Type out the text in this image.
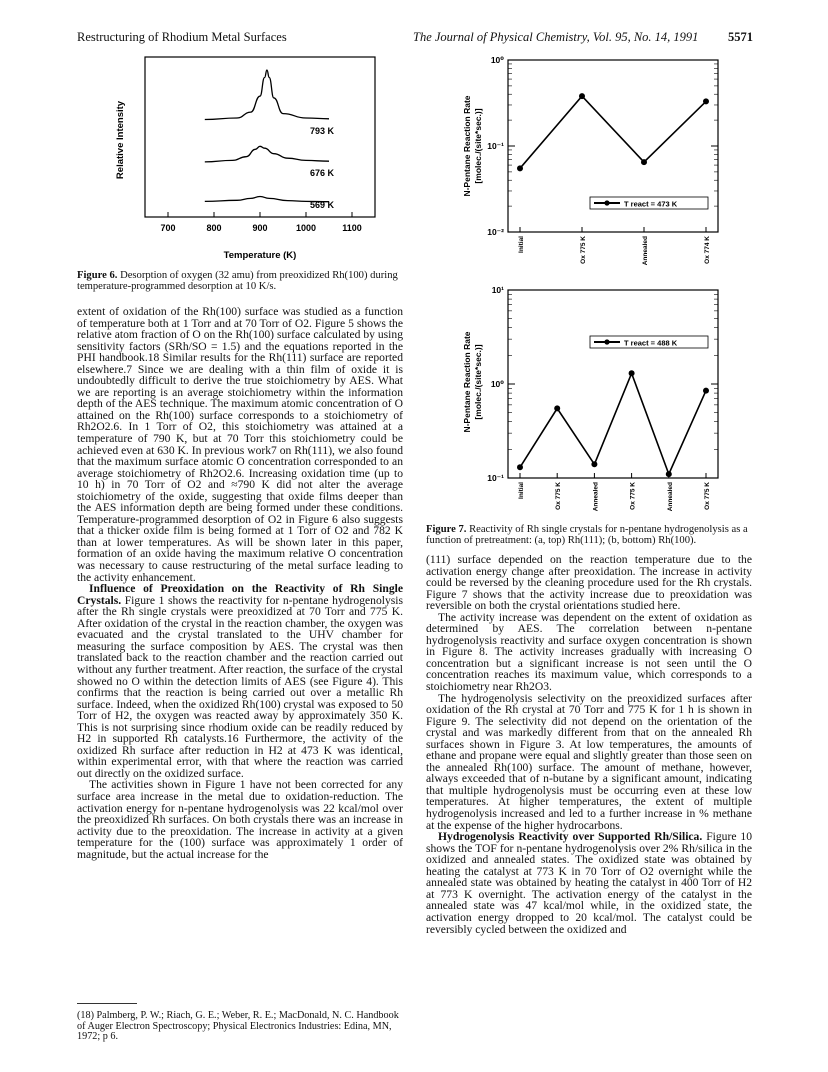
Restructuring of Rhodium Metal Surfaces	The Journal of Physical Chemistry, Vol. 95, No. 14, 1991 5571
700	800	900	1000	1100
Relative Intensity
Temperature (K)
793 K
676 K
569 K
Figure 6. Desorption of oxygen (32 amu) from preoxidized Rh(100) during temperature-programmed desorption at 10 K/s.
10⁰
10⁻¹
10⁻²
Initial	Ox 775 K	Annealed	Ox 774 K
N-Pentane Reaction Rate [molec./(site*sec.)]
T react = 473 K
10¹
10⁰
10⁻¹
Initial	Ox 775 K	Annealed	Ox 775 K	Annealed	Ox 775 K
N-Pentane Reaction Rate [molec./(site*sec.)]
T react = 488 K
Figure 7. Reactivity of Rh single crystals for n-pentane hydrogenolysis as a function of pretreatment: (a, top) Rh(111); (b, bottom) Rh(100).

extent of oxidation of the Rh(100) surface was studied as a function of temperature both at 1 Torr and at 70 Torr of O2. Figure 5 shows the relative atom fraction of O on the Rh(100) surface calculated by using sensitivity factors (SRh/SO = 1.5) and the equations reported in the PHI handbook.18 Similar results for the Rh(111) surface are reported elsewhere.7 Since we are dealing with a thin film of oxide it is undoubtedly difficult to derive the true stoichiometry by AES. What we are reporting is an average stoichiometry within the information depth of the AES technique. The maximum atomic concentration of O attained on the Rh(100) surface corresponds to a stoichiometry of Rh2O2.6. In 1 Torr of O2, this stoichiometry was attained at a temperature of 790 K, but at 70 Torr this stoichiometry could be achieved even at 630 K. In previous work7 on Rh(111), we also found that the maximum surface atomic O concentration corresponded to an average stoichiometry of Rh2O2.6. Increasing oxidation time (up to 10 h) in 70 Torr of O2 and ≈790 K did not alter the average stoichiometry of the oxide, suggesting that oxide films deeper than the AES information depth are being formed under these conditions. Temperature-programmed desorption of O2 in Figure 6 also suggests that a thicker oxide film is being formed at 1 Torr of O2 and 782 K than at lower temperatures. As will be shown later in this paper, formation of an oxide having the maximum relative O concentration was necessary to cause restructuring of the metal surface leading to the activity enhancement.

Influence of Preoxidation on the Reactivity of Rh Single Crystals. Figure 1 shows the reactivity for n-pentane hydrogenolysis after the Rh single crystals were preoxidized at 70 Torr and 775 K. After oxidation of the crystal in the reaction chamber, the oxygen was evacuated and the crystal translated to the UHV chamber for measuring the surface composition by AES. The crystal was then translated back to the reaction chamber and the reaction carried out without any further treatment. After reaction, the surface of the crystal showed no O within the detection limits of AES (see Figure 4). This confirms that the reaction is being carried out over a metallic Rh surface. Indeed, when the oxidized Rh(100) crystal was exposed to 50 Torr of H2, the oxygen was reacted away by approximately 350 K. This is not surprising since rhodium oxide can be readily reduced by H2 in supported Rh catalysts.16 Furthermore, the activity of the oxidized Rh surface after reduction in H2 at 473 K was identical, within experimental error, with that where the reaction was carried out directly on the oxidized surface.

The activities shown in Figure 1 have not been corrected for any surface area increase in the metal due to oxidation-reduction. The activation energy for n-pentane hydrogenolysis was 22 kcal/mol over the preoxidized Rh surfaces. On both crystals there was an increase in activity due to the preoxidation. The increase in activity at a given temperature for the (100) surface was approximately 1 order of magnitude, but the actual increase for the

(18) Palmberg, P. W.; Riach, G. E.; Weber, R. E.; MacDonald, N. C. Handbook of Auger Electron Spectroscopy; Physical Electronics Industries: Edina, MN, 1972; p 6.

(111) surface depended on the reaction temperature due to the activation energy change after preoxidation. The increase in activity could be reversed by the cleaning procedure used for the Rh crystals. Figure 7 shows that the activity increase due to preoxidation was reversible on both the crystal orientations studied here.

The activity increase was dependent on the extent of oxidation as determined by AES. The correlation between n-pentane hydrogenolysis reactivity and surface oxygen concentration is shown in Figure 8. The activity increases gradually with increasing O concentration but a significant increase is not seen until the O concentration reaches its maximum value, which corresponds to a stoichiometry near Rh2O3.

The hydrogenolysis selectivity on the preoxidized surfaces after oxidation of the Rh crystal at 70 Torr and 775 K for 1 h is shown in Figure 9. The selectivity did not depend on the orientation of the crystal and was markedly different from that on the annealed Rh surfaces shown in Figure 3. At low temperatures, the amounts of ethane and propane were equal and slightly greater than those seen on the annealed Rh(100) surface. The amount of methane, however, always exceeded that of n-butane by a significant amount, indicating that multiple hydrogenolysis must be occurring even at these low temperatures. At higher temperatures, the extent of multiple hydrogenolysis increased and led to a further increase in % methane at the expense of the higher hydrocarbons.

Hydrogenolysis Reactivity over Supported Rh/Silica. Figure 10 shows the TOF for n-pentane hydrogenolysis over 2% Rh/silica in the oxidized and annealed states. The oxidized state was obtained by heating the catalyst at 773 K in 70 Torr of O2 overnight while the annealed state was obtained by heating the catalyst in 400 Torr of H2 at 773 K overnight. The activation energy of the catalyst in the annealed state was 47 kcal/mol while, in the oxidized state, the activation energy dropped to 20 kcal/mol. The catalyst could be reversibly cycled between the oxidized and
